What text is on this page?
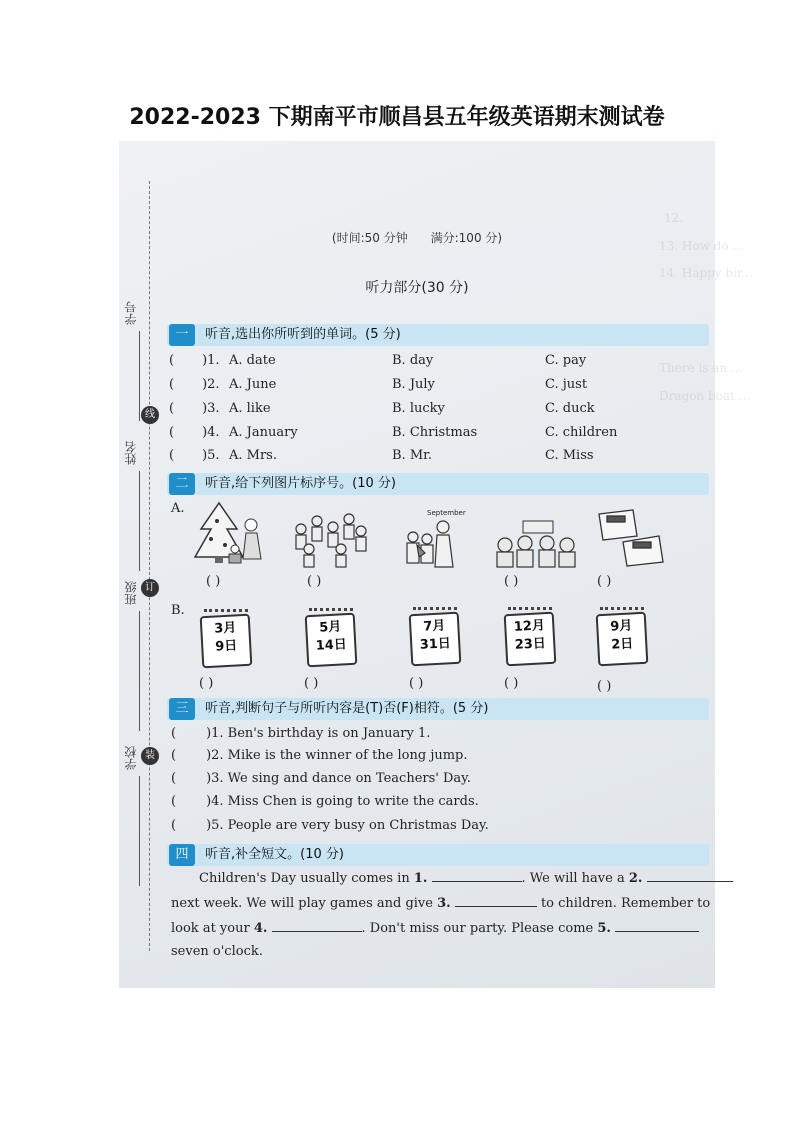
2022-2023 下期南平市顺昌县五年级英语期末测试卷
12.
13. How do ...
14. Happy bir...
There is an ...
Dragon boat ...
学号
线
姓名
订
班级
装
学校
(时间:50 分钟 满分:100 分)
听力部分(30 分)
一	听音,选出你所听到的单词。(5 分)
( )1. A. date	B. day	C. pay
( )2. A. June	B. July	C. just
( )3. A. like	B. lucky	C. duck
( )4. A. January	B. Christmas	C. children
( )5. A. Mrs.	B. Mr.	C. Miss
二	听音,给下列图片标序号。(10 分)
A.
( )	( )
September
( )	( )
B.
3月
9日
( )
5月
14日
( )
7月
31日
( )
12月
23日
( )
9月
2日
( )
三	听音,判断句子与所听内容是(T)否(F)相符。(5 分)
( )1. Ben's birthday is on January 1.
( )2. Mike is the winner of the long jump.
( )3. We sing and dance on Teachers' Day.
( )4. Miss Chen is going to write the cards.
( )5. People are very busy on Christmas Day.
四	听音,补全短文。(10 分)
Children's Day usually comes in 1.	. We will have a 2.
next week. We will play games and give 3.	to children. Remember to
look at your 4.	. Don't miss our party. Please come 5.
seven o'clock.
